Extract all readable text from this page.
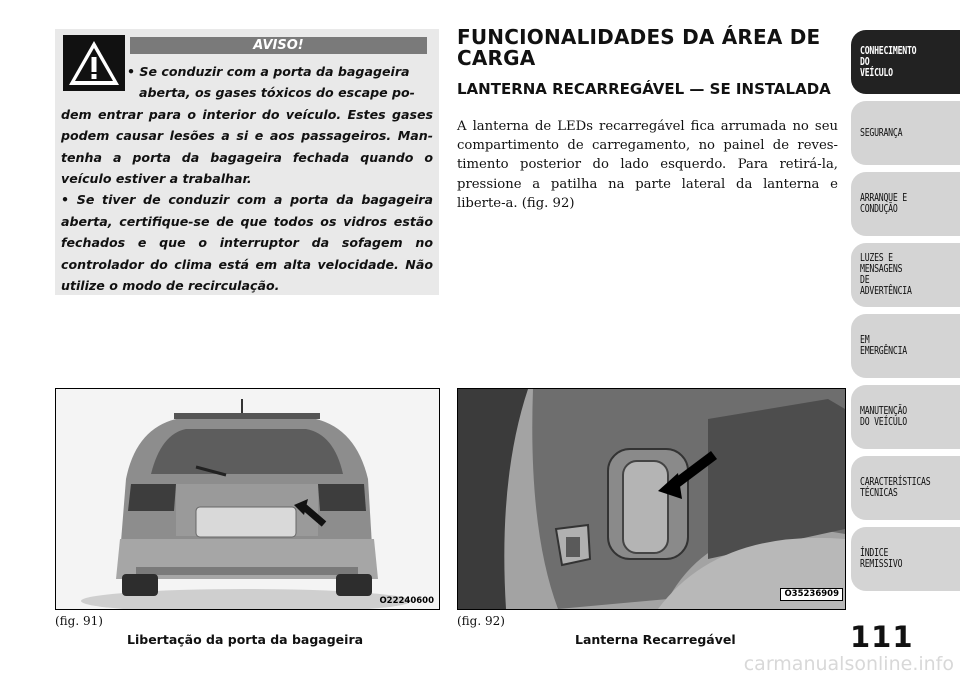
AVISO!

• Se conduzir com a porta da bagageira

aberta, os gases tóxicos do escape po-

dem entrar para o interior do veículo. Estes gases podem causar lesões a si e aos passageiros. Man- tenha a porta da bagageira fechada quando o veículo estiver a trabalhar.

• Se tiver de conduzir com a porta da bagageira aberta, certifique-se de que todos os vidros estão fechados e que o interruptor da sofagem no controlador do clima está em alta velocidade. Não utilize o modo de recirculação.

FUNCIONALIDADES DA ÁREA DE CARGA
LANTERNA RECARREGÁVEL — SE INSTALADA
A lanterna de LEDs recarregável fica arrumada no seu compartimento de carregamento, no painel de reves- timento posterior do lado esquerdo. Para retirá-la, pressione a patilha na parte lateral da lanterna e liberte-a. (fig. 92)
O22240600
O35236909
(fig. 91)
Libertação da porta da bagageira
(fig. 92)
Lanterna Recarregável	111
carmanualsonline.info
CONHECIMENTO
DO
VEÍCULO
SEGURANÇA
ARRANQUE E
CONDUÇÃO
LUZES E
MENSAGENS
DE
ADVERTÊNCIA
EM
EMERGÊNCIA
MANUTENÇÃO
DO VEÍCULO
CARACTERÍSTICAS
TÉCNICAS
ÍNDICE
REMISSIVO
